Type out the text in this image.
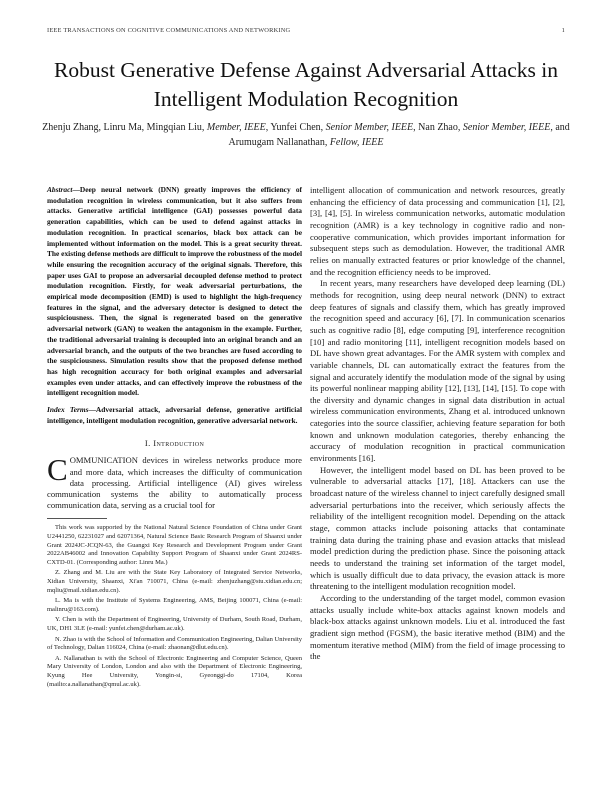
IEEE TRANSACTIONS ON COGNITIVE COMMUNICATIONS AND NETWORKING	1
Robust Generative Defense Against Adversarial Attacks in Intelligent Modulation Recognition
Zhenju Zhang, Linru Ma, Mingqian Liu, Member, IEEE, Yunfei Chen, Senior Member, IEEE, Nan Zhao, Senior Member, IEEE, and Arumugam Nallanathan, Fellow, IEEE
Abstract—Deep neural network (DNN) greatly improves the efficiency of modulation recognition in wireless communication, but it also suffers from attacks. Generative artificial intelligence (GAI) possesses powerful data generation capabilities, which can be used to defend against attacks in modulation recognition. In practical scenarios, black box attack can be implemented without information on the model. This is a great security threat. The existing defense methods are difficult to improve the robustness of the model while ensuring the recognition accuracy of the original signals. Therefore, this paper uses GAI to propose an adversarial decoupled defense method to protect modulation recognition. Firstly, for weak adversarial perturbations, the empirical mode decomposition (EMD) is used to highlight the high-frequency features in the signal, and the adversary detector is designed to detect the suspiciousness. Then, the signal is regenerated based on the generative adversarial network (GAN) to weaken the antagonism in the example. Further, the traditional adversarial training is decoupled into an original branch and an adversarial branch, and the outputs of the two branches are fused according to the suspiciousness. Simulation results show that the proposed defense method has high recognition accuracy for both original examples and adversarial examples even under attacks, and can effectively improve the robustness of the intelligent recognition model.
Index Terms—Adversarial attack, adversarial defense, generative artificial intelligence, intelligent modulation recognition, generative adversarial network.
I. Introduction
COMMUNICATION devices in wireless networks produce more and more data, which increases the difficulty of communication data processing. Artificial intelligence (AI) gives wireless communication systems the ability to automatically process communication data, serving as a crucial tool for
This work was supported by the National Natural Science Foundation of China under Grant U2441250, 62231027 and 62071364, Natural Science Basic Research Program of Shaanxi under Grant 2024JC-JCQN-63, the Guangxi Key Research and Development Program under Grant 2022AB46002 and Innovation Capability Support Program of Shaanxi under Grant 2024RS-CXTD-01. (Corresponding author: Linru Ma.)
Z. Zhang and M. Liu are with the State Key Laboratory of Integrated Service Networks, Xidian University, Shaanxi, Xi'an 710071, China (e-mail: zhenjuzhang@stu.xidian.edu.cn; mqliu@mail.xidian.edu.cn).
L. Ma is with the Institute of Systems Engineering, AMS, Beijing 100071, China (e-mail: malinru@163.com).
Y. Chen is with the Department of Engineering, University of Durham, South Road, Durham, UK, DH1 3LE (e-mail: yunfei.chen@durham.ac.uk).
N. Zhao is with the School of Information and Communication Engineering, Dalian University of Technology, Dalian 116024, China (e-mail: zhaonan@dlut.edu.cn).
A. Nallanathan is with the School of Electronic Engineering and Computer Science, Queen Mary University of London, London and also with the Department of Electronic Engineering, Kyung Hee University, Yongin-si, Gyeonggi-do 17104, Korea (mailto:a.nallanathan@qmul.ac.uk).

intelligent allocation of communication and network resources, greatly enhancing the efficiency of data processing and communication [1], [2], [3], [4], [5]. In wireless communication networks, automatic modulation recognition (AMR) is a key technology in cognitive radio and non-cooperative communication, which provides important information for subsequent steps such as demodulation. However, the traditional AMR relies on manually extracted features or prior knowledge of the channel, and the recognition efficiency needs to be improved.

In recent years, many researchers have developed deep learning (DL) methods for recognition, using deep neural network (DNN) to extract deep features of signals and classify them, which has greatly improved the recognition speed and accuracy [6], [7]. In communication scenarios such as cognitive radio [8], edge computing [9], interference recognition [10] and radio monitoring [11], intelligent recognition models based on DL have shown great advantages. For the AMR system with complex and variable channels, DL can automatically extract the features from the signal and accurately identify the modulation mode of the signal by using its powerful nonlinear mapping ability [12], [13], [14], [15]. To cope with the diversity and dynamic changes in signal data distribution in actual wireless communication environments, Zhang et al. introduced unknown categories into the source classifier, achieving feature separation for both known and unknown modulation categories, thereby enhancing the accuracy of modulation recognition in practical communication environments [16].

However, the intelligent model based on DL has been proved to be vulnerable to adversarial attacks [17], [18]. Attackers can use the broadcast nature of the wireless channel to inject carefully designed small adversarial perturbations into the receiver, which seriously affects the reliability of the intelligent recognition model. Depending on the attack stage, common attacks include poisoning attacks that contaminate training data during the training phase and evasion attacks that mislead model prediction during the prediction phase. Since the poisoning attack needs to understand the training set information of the target model, which is usually difficult due to data privacy, the evasion attack is more threatening to the intelligent modulation recognition model.

According to the understanding of the target model, common evasion attacks usually include white-box attacks against known models and black-box attacks against unknown models. Liu et al. introduced the fast gradient sign method (FGSM), the basic iterative method (BIM) and the momentum iterative method (MIM) from the field of image processing to the
